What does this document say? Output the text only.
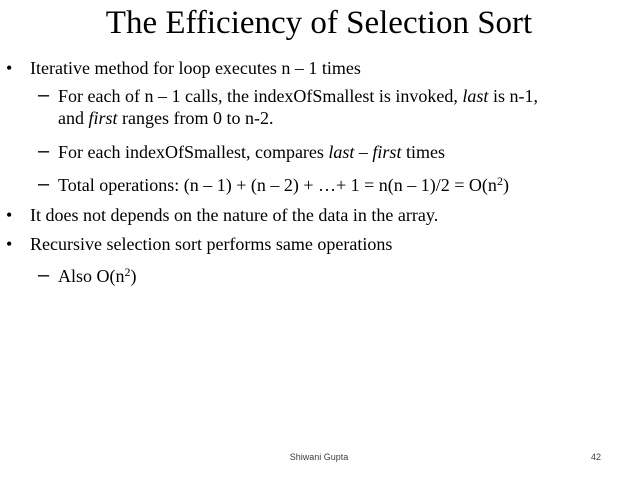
The Efficiency of Selection Sort
• Iterative method for loop executes n – 1 times
– For each of n – 1 calls, the indexOfSmallest is invoked, last is n-1,
and first ranges from 0 to n-2.
– For each indexOfSmallest, compares last – first times
– Total operations: (n – 1) + (n – 2) + …+ $1 = n(n - 1)/2 = O(n^2)$
• It does not depends on the nature of the data in the array.
• Recursive selection sort performs same operations
– Also $O(n^2)$
Shiwani Gupta	42
